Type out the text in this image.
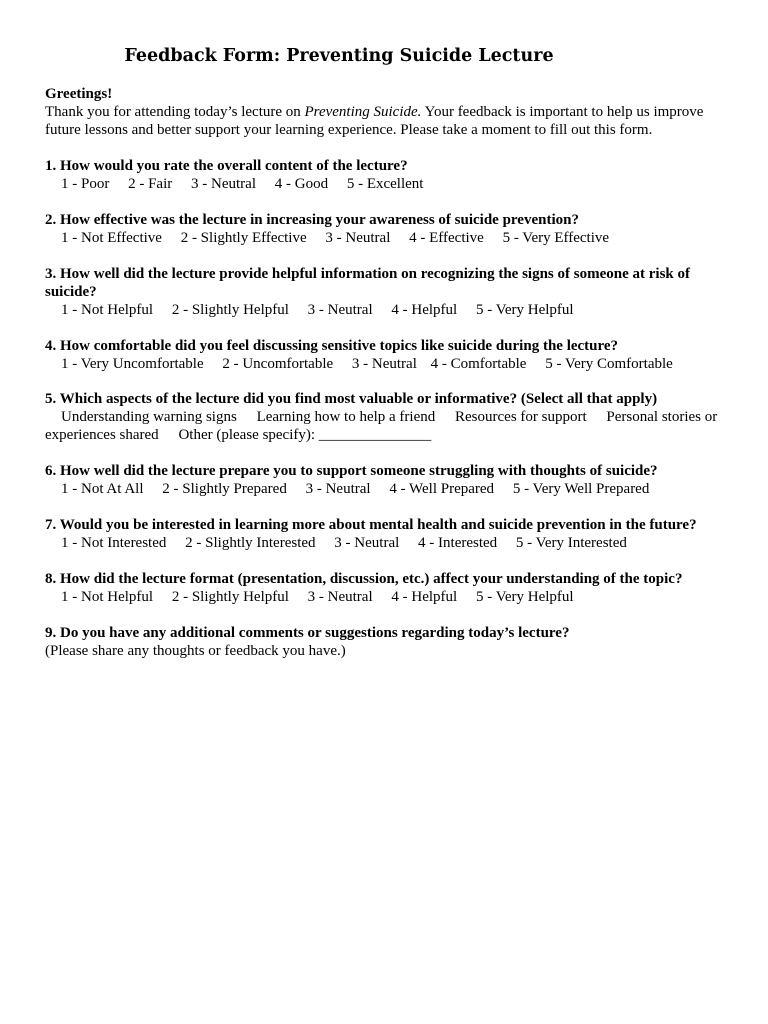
Feedback Form: Preventing Suicide Lecture
Greetings!
Thank you for attending today’s lecture on Preventing Suicide. Your feedback is important to help us improve future lessons and better support your learning experience. Please take a moment to fill out this form.
1. How would you rate the overall content of the lecture?
1 - Poor 2 - Fair 3 - Neutral 4 - Good 5 - Excellent
2. How effective was the lecture in increasing your awareness of suicide prevention?
1 - Not Effective 2 - Slightly Effective 3 - Neutral 4 - Effective 5 - Very Effective
3. How well did the lecture provide helpful information on recognizing the signs of someone at risk of suicide?
1 - Not Helpful 2 - Slightly Helpful 3 - Neutral 4 - Helpful 5 - Very Helpful
4. How comfortable did you feel discussing sensitive topics like suicide during the lecture?
1 - Very Uncomfortable 2 - Uncomfortable 3 - Neutral 4 - Comfortable 5 - Very Comfortable
5. Which aspects of the lecture did you find most valuable or informative? (Select all that apply)
Understanding warning signs Learning how to help a friend Resources for support Personal stories or experiences shared Other (please specify): _______________
6. How well did the lecture prepare you to support someone struggling with thoughts of suicide?
1 - Not At All 2 - Slightly Prepared 3 - Neutral 4 - Well Prepared 5 - Very Well Prepared
7. Would you be interested in learning more about mental health and suicide prevention in the future?
1 - Not Interested 2 - Slightly Interested 3 - Neutral 4 - Interested 5 - Very Interested
8. How did the lecture format (presentation, discussion, etc.) affect your understanding of the topic?
1 - Not Helpful 2 - Slightly Helpful 3 - Neutral 4 - Helpful 5 - Very Helpful
9. Do you have any additional comments or suggestions regarding today’s lecture?
(Please share any thoughts or feedback you have.)
